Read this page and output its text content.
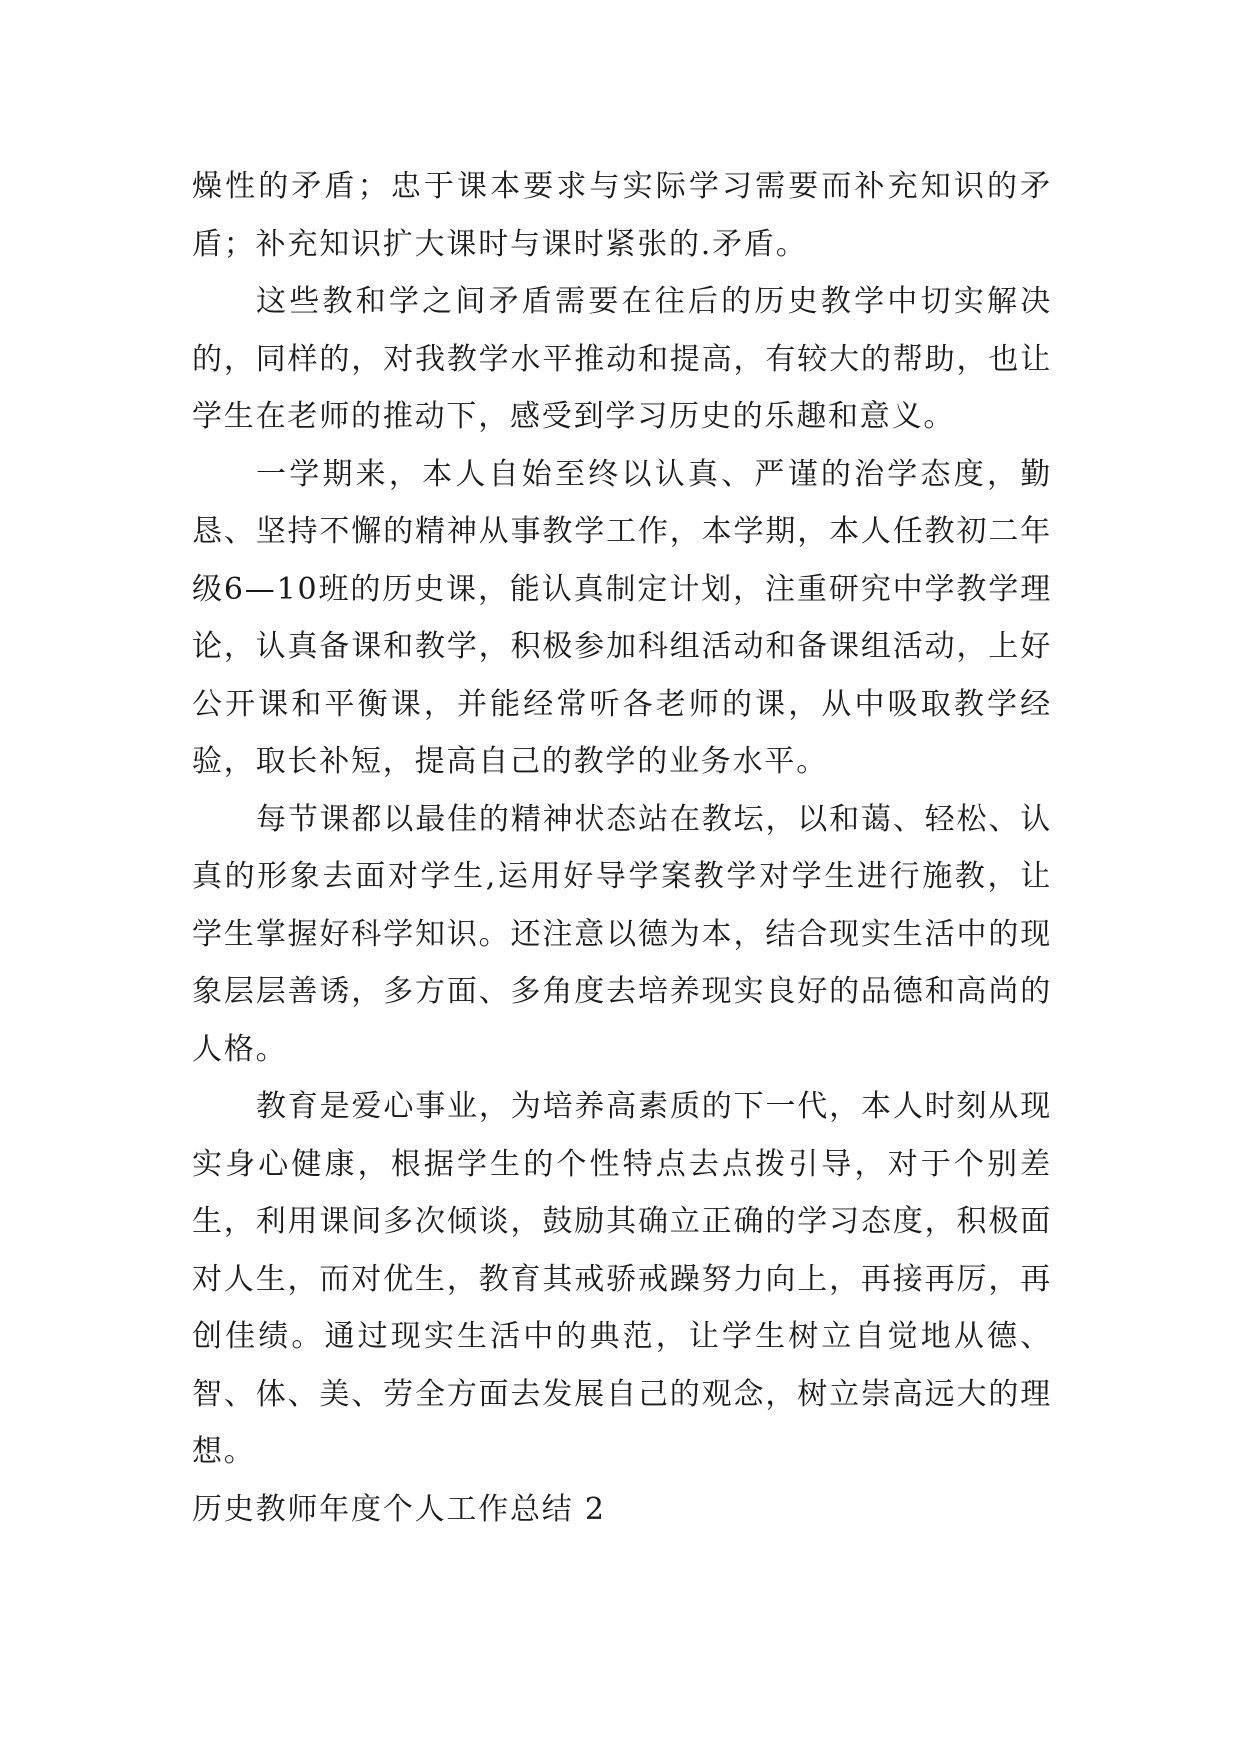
燥性的矛盾；忠于课本要求与实际学习需要而补充知识的矛盾；补充知识扩大课时与课时紧张的.矛盾。

这些教和学之间矛盾需要在往后的历史教学中切实解决的，同样的，对我教学水平推动和提高，有较大的帮助，也让学生在老师的推动下，感受到学习历史的乐趣和意义。

一学期来，本人自始至终以认真、严谨的治学态度，勤恳、坚持不懈的精神从事教学工作，本学期，本人任教初二年级6—10班的历史课，能认真制定计划，注重研究中学教学理论，认真备课和教学，积极参加科组活动和备课组活动，上好公开课和平衡课，并能经常听各老师的课，从中吸取教学经验，取长补短，提高自己的教学的业务水平。

每节课都以最佳的精神状态站在教坛，以和蔼、轻松、认真的形象去面对学生,运用好导学案教学对学生进行施教，让学生掌握好科学知识。还注意以德为本，结合现实生活中的现象层层善诱，多方面、多角度去培养现实良好的品德和高尚的人格。

教育是爱心事业，为培养高素质的下一代，本人时刻从现实身心健康，根据学生的个性特点去点拨引导，对于个别差生，利用课间多次倾谈，鼓励其确立正确的学习态度，积极面对人生，而对优生，教育其戒骄戒躁努力向上，再接再厉，再创佳绩。通过现实生活中的典范，让学生树立自觉地从德、智、体、美、劳全方面去发展自己的观念，树立崇高远大的理想。

历史教师年度个人工作总结 2
